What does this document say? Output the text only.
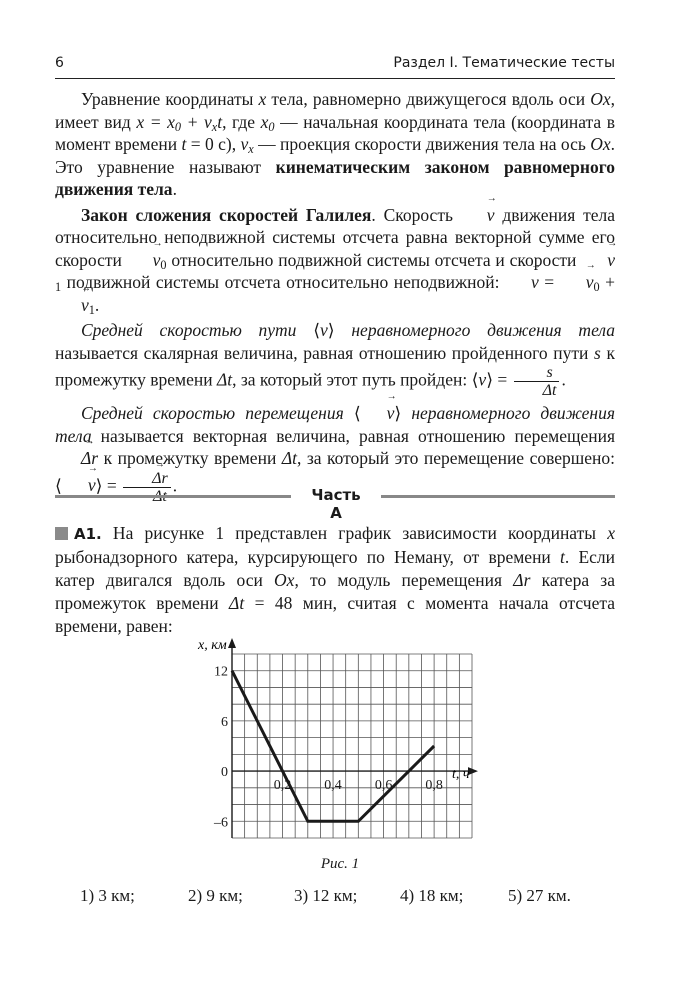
6	Раздел I. Тематические тесты

Уравнение координаты x тела, равномерно движущегося вдоль оси Ox, имеет вид $x = x_0 + v_xt$, где $x_0$ — начальная координата тела (координата в момент времени t = 0 с), $v_x$ — проекция скорости движения тела на ось Ox. Это уравнение называют кинематическим законом равномерного движения тела.

Закон сложения скоростей Галилея. Скорость → v движения тела относительно неподвижной системы отсчета равна векторной сумме его скорости → $v_0$ относительно подвижной системы отсчета и скорости → $v_1$ подвижной системы отсчета относительно неподвижной: → v = → $v_0$ + → $v_1$.

Средней скоростью пути ⟨v⟩ неравномерного движения тела называется скалярная величина, равная отношению пройденного пути s к промежутку времени Δt, за который этот путь пройден: ⟨v⟩ = $\frac{s}{\Delta t}$ .

Средней скоростью перемещения ⟨ → v⟩ неравномерного движения тела называется векторная величина, равная отношению перемещения → Δr к промежутку времени Δt, за который это перемещение совершено: ⟨ → v⟩ =	→ Δr .	Часть А
А1. На рисунке 1 представлен график зависимости координаты x рыбонадзорного катера, курсирующего по Неману, от времени t. Если катер двигался вдоль оси Ox, то модуль перемещения Δr катера за промежуток времени Δt = 48 мин, считая с момента начала отсчета времени, равен:
0,2 0,4 0,6 0,8
12
6
0
–6
x, км
t, ч
Рис. 1
1) 3 км;	2) 9 км;	3) 12 км;	4) 18 км;	5) 27 км.
